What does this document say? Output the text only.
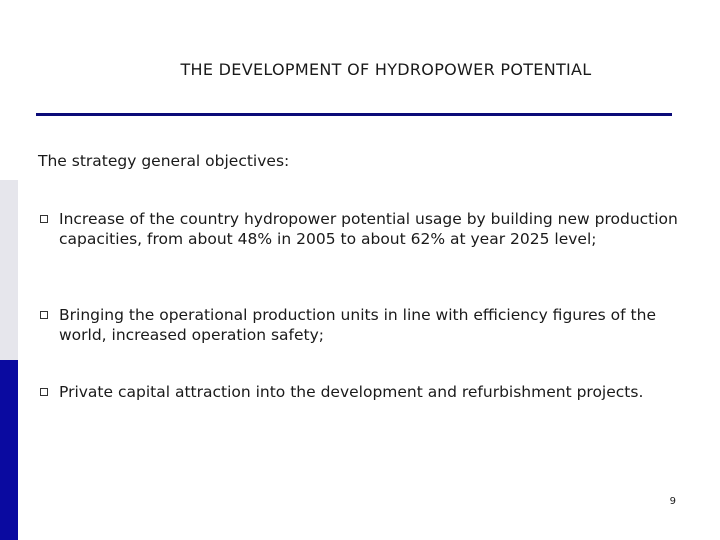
THE DEVELOPMENT OF HYDROPOWER POTENTIAL
The strategy general objectives:
Increase of the country hydropower potential usage by building new production capacities, from about 48% in 2005 to about 62% at year 2025 level;
Bringing the operational production units in line with efficiency figures of the world, increased operation safety;
Private capital attraction into the development and refurbishment projects.
9
